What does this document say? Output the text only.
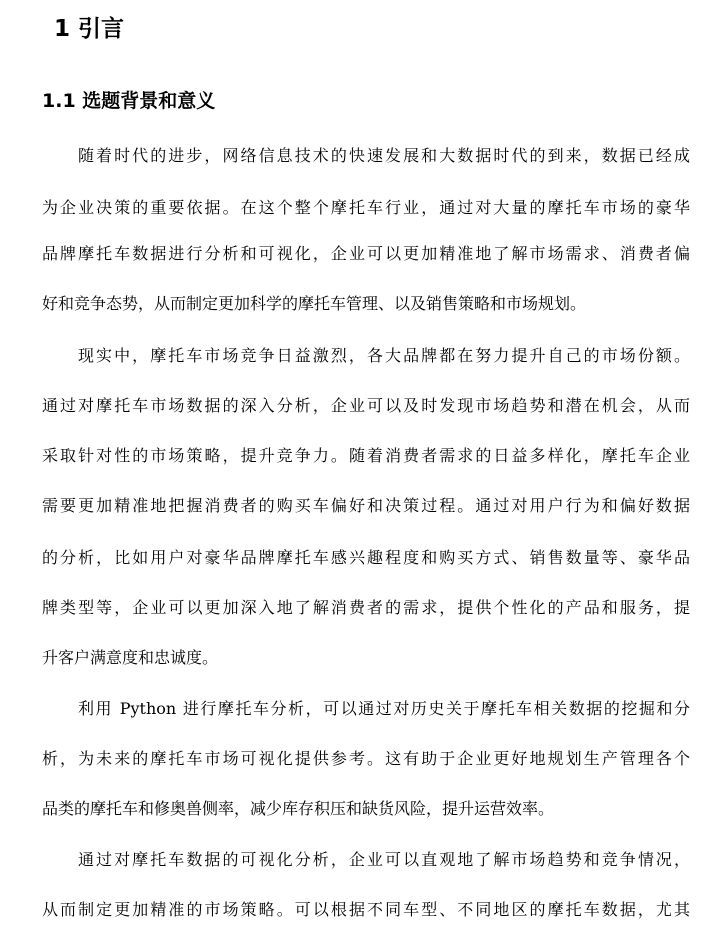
1 引言
1.1 选题背景和意义
随着时代的进步，网络信息技术的快速发展和大数据时代的到来，数据已经成
为企业决策的重要依据。在这个整个摩托车行业，通过对大量的摩托车市场的豪华
品牌摩托车数据进行分析和可视化，企业可以更加精准地了解市场需求、消费者偏
好和竞争态势，从而制定更加科学的摩托车管理、以及销售策略和市场规划。
现实中，摩托车市场竞争日益激烈，各大品牌都在努力提升自己的市场份额。
通过对摩托车市场数据的深入分析，企业可以及时发现市场趋势和潜在机会，从而
采取针对性的市场策略，提升竞争力。随着消费者需求的日益多样化，摩托车企业
需要更加精准地把握消费者的购买车偏好和决策过程。通过对用户行为和偏好数据
的分析，比如用户对豪华品牌摩托车感兴趣程度和购买方式、销售数量等、豪华品
牌类型等，企业可以更加深入地了解消费者的需求，提供个性化的产品和服务，提
升客户满意度和忠诚度。
利用 Python 进行摩托车分析，可以通过对历史关于摩托车相关数据的挖掘和分
析，为未来的摩托车市场可视化提供参考。这有助于企业更好地规划生产管理各个
品类的摩托车和修奥兽侧率，减少库存积压和缺货风险，提升运营效率。
通过对摩托车数据的可视化分析，企业可以直观地了解市场趋势和竞争情况，
从而制定更加精准的市场策略。可以根据不同车型、不同地区的摩托车数据，尤其
